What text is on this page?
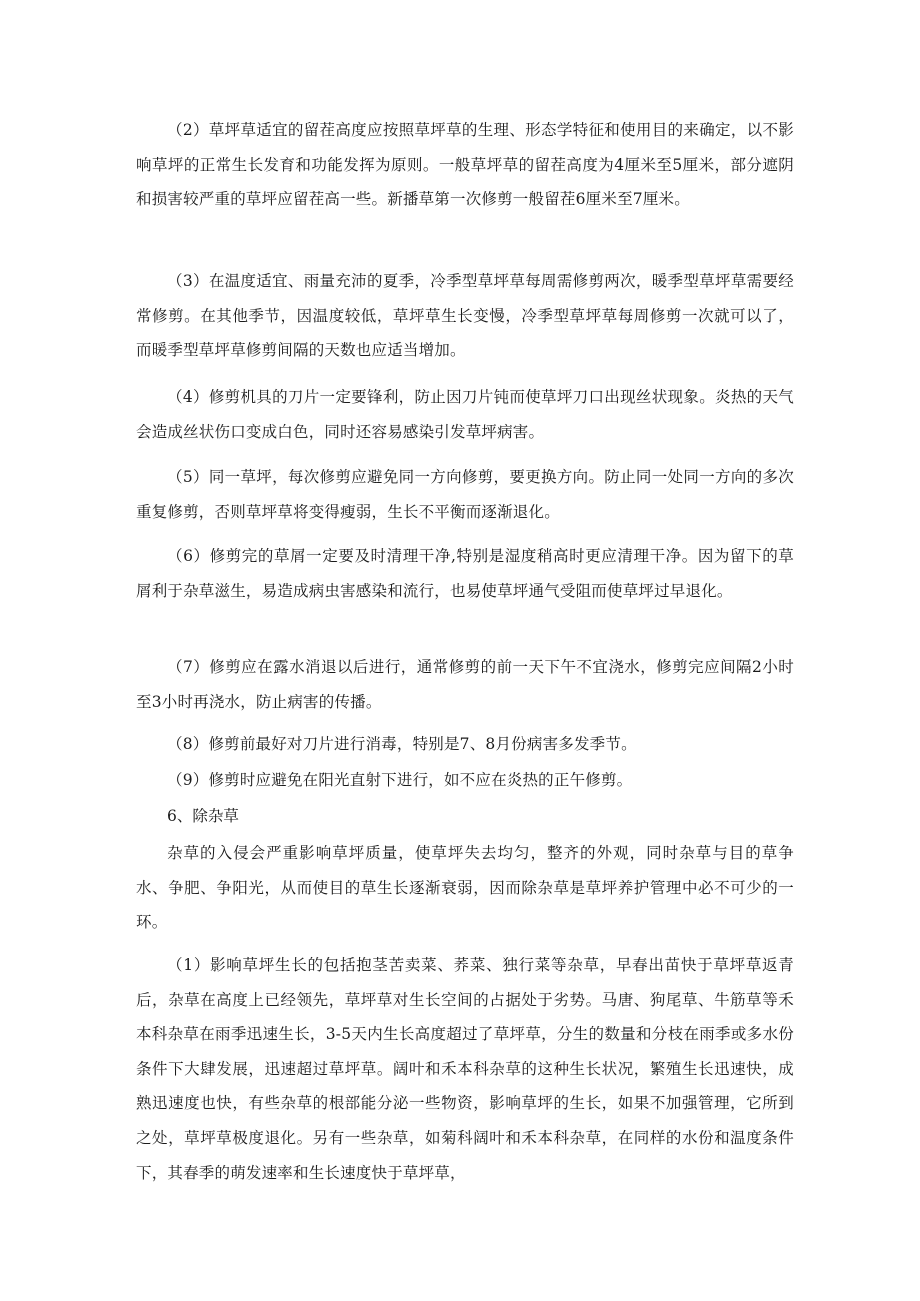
（2）草坪草适宜的留茬高度应按照草坪草的生理、形态学特征和使用目的来确定，以不影响草坪的正常生长发育和功能发挥为原则。一般草坪草的留茬高度为4厘米至5厘米，部分遮阴和损害较严重的草坪应留茬高一些。新播草第一次修剪一般留茬6厘米至7厘米。

（3）在温度适宜、雨量充沛的夏季，冷季型草坪草每周需修剪两次，暖季型草坪草需要经常修剪。在其他季节，因温度较低，草坪草生长变慢，冷季型草坪草每周修剪一次就可以了，而暖季型草坪草修剪间隔的天数也应适当增加。

（4）修剪机具的刀片一定要锋利，防止因刀片钝而使草坪刀口出现丝状现象。炎热的天气会造成丝状伤口变成白色，同时还容易感染引发草坪病害。

（5）同一草坪，每次修剪应避免同一方向修剪，要更换方向。防止同一处同一方向的多次重复修剪，否则草坪草将变得瘦弱，生长不平衡而逐渐退化。

（6）修剪完的草屑一定要及时清理干净,特别是湿度稍高时更应清理干净。因为留下的草屑利于杂草滋生，易造成病虫害感染和流行，也易使草坪通气受阻而使草坪过早退化。

（7）修剪应在露水消退以后进行，通常修剪的前一天下午不宜浇水，修剪完应间隔2小时至3小时再浇水，防止病害的传播。

（8）修剪前最好对刀片进行消毒，特别是7、8月份病害多发季节。

（9）修剪时应避免在阳光直射下进行，如不应在炎热的正午修剪。

6、除杂草

杂草的入侵会严重影响草坪质量，使草坪失去均匀，整齐的外观，同时杂草与目的草争水、争肥、争阳光，从而使目的草生长逐渐衰弱，因而除杂草是草坪养护管理中必不可少的一环。

（1）影响草坪生长的包括抱茎苦卖菜、荞菜、独行菜等杂草，早春出苗快于草坪草返青后，杂草在高度上已经领先，草坪草对生长空间的占据处于劣势。马唐、狗尾草、牛筋草等禾本科杂草在雨季迅速生长，3-5天内生长高度超过了草坪草，分生的数量和分枝在雨季或多水份条件下大肆发展，迅速超过草坪草。阔叶和禾本科杂草的这种生长状况，繁殖生长迅速快，成熟迅速度也快，有些杂草的根部能分泌一些物资，影响草坪的生长，如果不加强管理，它所到之处，草坪草极度退化。另有一些杂草，如菊科阔叶和禾本科杂草，在同样的水份和温度条件下，其春季的萌发速率和生长速度快于草坪草，
